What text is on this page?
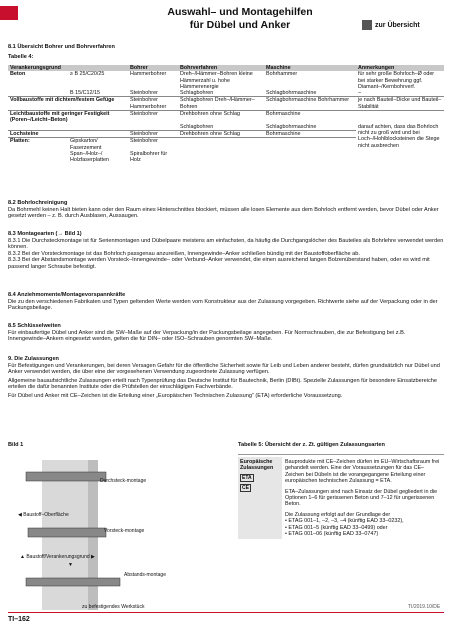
Auswahl– und Montagehilfen
für Dübel und Anker	zur Übersicht
8.1 Übersicht Bohrer und Bohrverfahren
Tabelle 4:
Verankerungsgrund		Bohrer	Bohrverfahren	Maschine	Anmerkungen
Beton	≥ B 25/C20/25	Hammerbohrer	Dreh–/Hämmer–Bohren kleine Hämmerzahl u. hohe Hämmerenergie	Bohrhammer	für sehr große Bohrloch–Ø oder bei starker Bewehrung ggf. Diamant–/Kernbohrverf.
	B 15/C12/15	Steinbohrer	Schlagbohren	Schlagbohrmaschine	–
Vollbaustoffe mit dichtem/festem Gefüge		Steinbohrer Hammerbohrer	Schlagbohren Dreh–/Hämmer–Bohren	Schlagbohrmaschine Bohrhammer	je nach Bauteil–Dicke und Bauteil–Stabilität
Leichtbaustoffe mit geringer Festigkeit (Poren–/Leicht–Beton)		Steinbohrer	Drehbohren ohne Schlag	Bohrmaschine	
			Schlagbohren	Schlagbohrmaschine	darauf achten, dass das Bohrloch nicht zu groß wird und bei Loch–/Hohlblocksteinen die Stege nicht ausbrechen
Lochsteine		Steinbohrer	Drehbohren ohne Schlag	Bohrmaschine	
Platten:	Gipskarton/ Faserzement	Steinbohrer			
	Span–/Holz–/ Holzfaserplatten	Spiralbohrer für Holz			
8.2 Bohrlochreinigung
Da Bohrmehl keinen Halt bieten kann oder den Raum eines Hinterschnittes blockiert, müssen alle losen Elemente aus dem Bohrloch entfernt werden, bevor Dübel oder Anker gesetzt werden – z. B. durch Ausblasen, Aussaugen.
8.3 Montagearten (→ Bild 1)
8.3.1 Die Durchsteckmontage ist für Serienmontagen und Dübelpaare meistens am einfachsten, da häufig die Durchgangslöcher des Bauteiles als Bohrlehre verwendet werden können.
8.3.2 Bei der Vorsteckmontage ist das Bohrloch passgenau anzureißen, Innengewinde–Anker schließen bündig mit der Baustoffoberfläche ab.
8.3.3 Bei der Abstandsmontage werden Vorsteck–Innengewinde– oder Verbund–Anker verwendet, die einen ausreichend langen Bolzenüberstand haben, oder es wird mit passend langer Schraube befestigt.
8.4 Anziehmomente/Montagevorspannkräfte
Die zu den verschiedenen Fabrikaten und Typen geltenden Werte werden vom Konstrukteur aus der Zulassung vorgegeben. Richtwerte siehe auf der Verpackung oder in der Packungsbeilage.
8.5 Schlüsselweiten
Für einbaufertige Dübel und Anker sind die SW–Maße auf der Verpackung/in der Packungsbeilage angegeben. Für Normschrauben, die zur Befestigung bei z.B. Innengewinde–Ankern eingesetzt werden, gelten die für DIN– oder ISO–Schrauben genormten SW–Maße.
9. Die Zulassungen
Für Befestigungen und Verankerungen, bei deren Versagen Gefahr für die öffentliche Sicherheit sowie für Leib und Leben anderer besteht, dürfen grundsätzlich nur Dübel und Anker verwendet werden, die über eine der vorgesehenen Verwendung zugeordnete Zulassung verfügen.
Allgemeine bauaufsichtliche Zulassungen erteilt nach Typenprüfung das Deutsche Institut für Bautechnik, Berlin (DIBt). Spezielle Zulassungen für besondere Einsatzbereiche erteilen die dafür benannten Institute oder die Prüfstellen der einschlägigen Fachverbände.
Für Dübel und Anker mit CE–Zeichen ist die Erteilung einer „Europäischen Technischen Zulassung“ (ETA) erforderliche Voraussetzung.
Bild 1
Durchsteck-montage
◀ Baustoff–Oberfläche
Vorsteck-montage
▲ Baustoff/Verankerungsgrund ▶
▼
Abstands-montage
zu befestigendes Werkstück
Tabelle 5: Übersicht der z. Zt. gültigen Zulassungsarten
Europäische Zulassungen
ETA
CE
Bauprodukte mit CE–Zeichen dürfen im EU–Wirtschaftsraum frei gehandelt werden. Eine der Voraussetzungen für das CE–Zeichen bei Dübeln ist die vorangegangene Erteilung einer europäischen technischen Zulassung = ETA.
ETA–Zulassungen sind nach Einsatz der Dübel gegliedert in die Optionen 1–6 für gerissenen Beton und 7–12 für ungerissenen Beton.
Die Zulassung erfolgt auf der Grundlage der
• ETAG 001–1, –2, –3, –4 (künftig EAD 33–0232),
• ETAG 001–5 (künftig EAD 33–0499) oder
• ETAG 001–06 (künftig EAD 33–0747)
TI/2019.10/DE
TI–162
